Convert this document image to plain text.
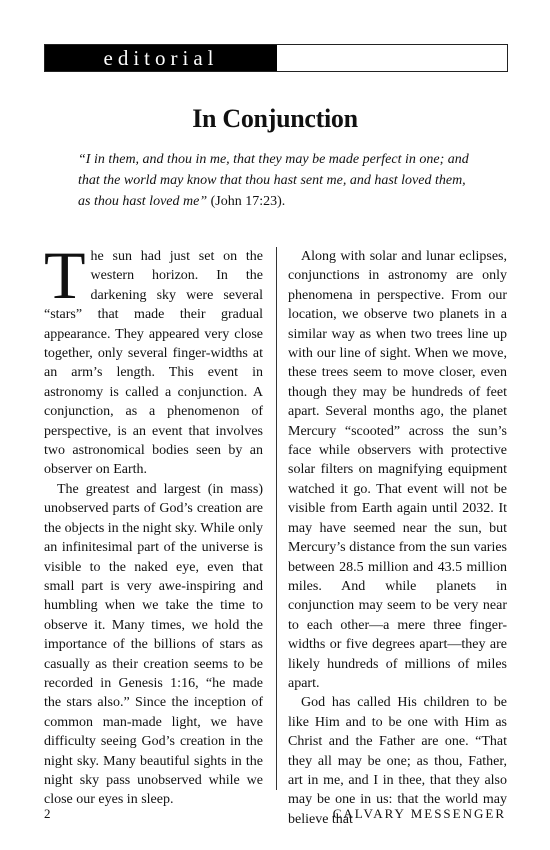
editorial
In Conjunction
“I in them, and thou in me, that they may be made perfect in one; and that the world may know that thou hast sent me, and hast loved them, as thou hast loved me” (John 17:23).

The sun had just set on the western horizon. In the darkening sky were several “stars” that made their gradual appearance. They appeared very close together, only several finger-widths at an arm’s length. This event in astronomy is called a conjunction. A conjunction, as a phenomenon of perspective, is an event that involves two astronomical bodies seen by an observer on Earth.

The greatest and largest (in mass) unobserved parts of God’s creation are the objects in the night sky. While only an infinitesimal part of the universe is visible to the naked eye, even that small part is very awe-inspiring and humbling when we take the time to observe it. Many times, we hold the importance of the billions of stars as casually as their creation seems to be recorded in Genesis 1:16, “he made the stars also.” Since the inception of common man-made light, we have difficulty seeing God’s creation in the night sky. Many beautiful sights in the night sky pass unobserved while we close our eyes in sleep.

Along with solar and lunar eclipses, conjunctions in astronomy are only phenomena in perspective. From our location, we observe two planets in a similar way as when two trees line up with our line of sight. When we move, these trees seem to move closer, even though they may be hundreds of feet apart. Several months ago, the planet Mercury “scooted” across the sun’s face while observers with protective solar filters on magnifying equipment watched it go. That event will not be visible from Earth again until 2032. It may have seemed near the sun, but Mercury’s distance from the sun varies between 28.5 million and 43.5 million miles. And while planets in conjunction may seem to be very near to each other—a mere three finger-widths or five degrees apart—they are likely hundreds of millions of miles apart.

God has called His children to be like Him and to be one with Him as Christ and the Father are one. “That they all may be one; as thou, Father, art in me, and I in thee, that they also may be one in us: that the world may believe that

2	CALVARY MESSENGER
